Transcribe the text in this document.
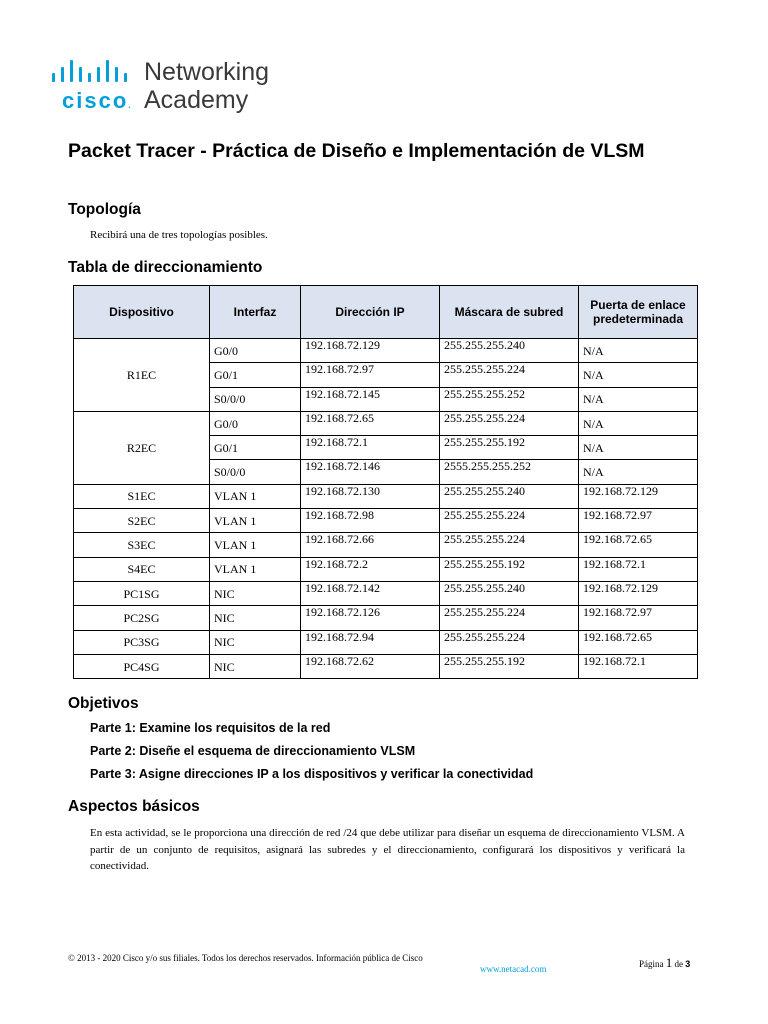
cisco.
Networking
Academy
Packet Tracer - Práctica de Diseño e Implementación de VLSM
Topología
Recibirá una de tres topologías posibles.
Tabla de direccionamiento
Dispositivo	Interfaz	Dirección IP	Máscara de subred	Puerta de enlace predeterminada
R1EC	G0/0	192.168.72.129	255.255.255.240	N/A
	G0/1	192.168.72.97	255.255.255.224	N/A
	S0/0/0	192.168.72.145	255.255.255.252	N/A
R2EC	G0/0	192.168.72.65	255.255.255.224	N/A
	G0/1	192.168.72.1	255.255.255.192	N/A
	S0/0/0	192.168.72.146	2555.255.255.252	N/A
S1EC	VLAN 1	192.168.72.130	255.255.255.240	192.168.72.129
S2EC	VLAN 1	192.168.72.98	255.255.255.224	192.168.72.97
S3EC	VLAN 1	192.168.72.66	255.255.255.224	192.168.72.65
S4EC	VLAN 1	192.168.72.2	255.255.255.192	192.168.72.1
PC1SG	NIC	192.168.72.142	255.255.255.240	192.168.72.129
PC2SG	NIC	192.168.72.126	255.255.255.224	192.168.72.97
PC3SG	NIC	192.168.72.94	255.255.255.224	192.168.72.65
PC4SG	NIC	192.168.72.62	255.255.255.192	192.168.72.1
Objetivos
Parte 1: Examine los requisitos de la red
Parte 2: Diseñe el esquema de direccionamiento VLSM
Parte 3: Asigne direcciones IP a los dispositivos y verificar la conectividad
Aspectos básicos
En esta actividad, se le proporciona una dirección de red /24 que debe utilizar para diseñar un esquema de direccionamiento VLSM. A partir de un conjunto de requisitos, asignará las subredes y el direccionamiento, configurará los dispositivos y verificará la conectividad.
© 2013 - 2020 Cisco y/o sus filiales. Todos los derechos reservados. Información pública de Cisco
www.netacad.com	Página 1 de 3
